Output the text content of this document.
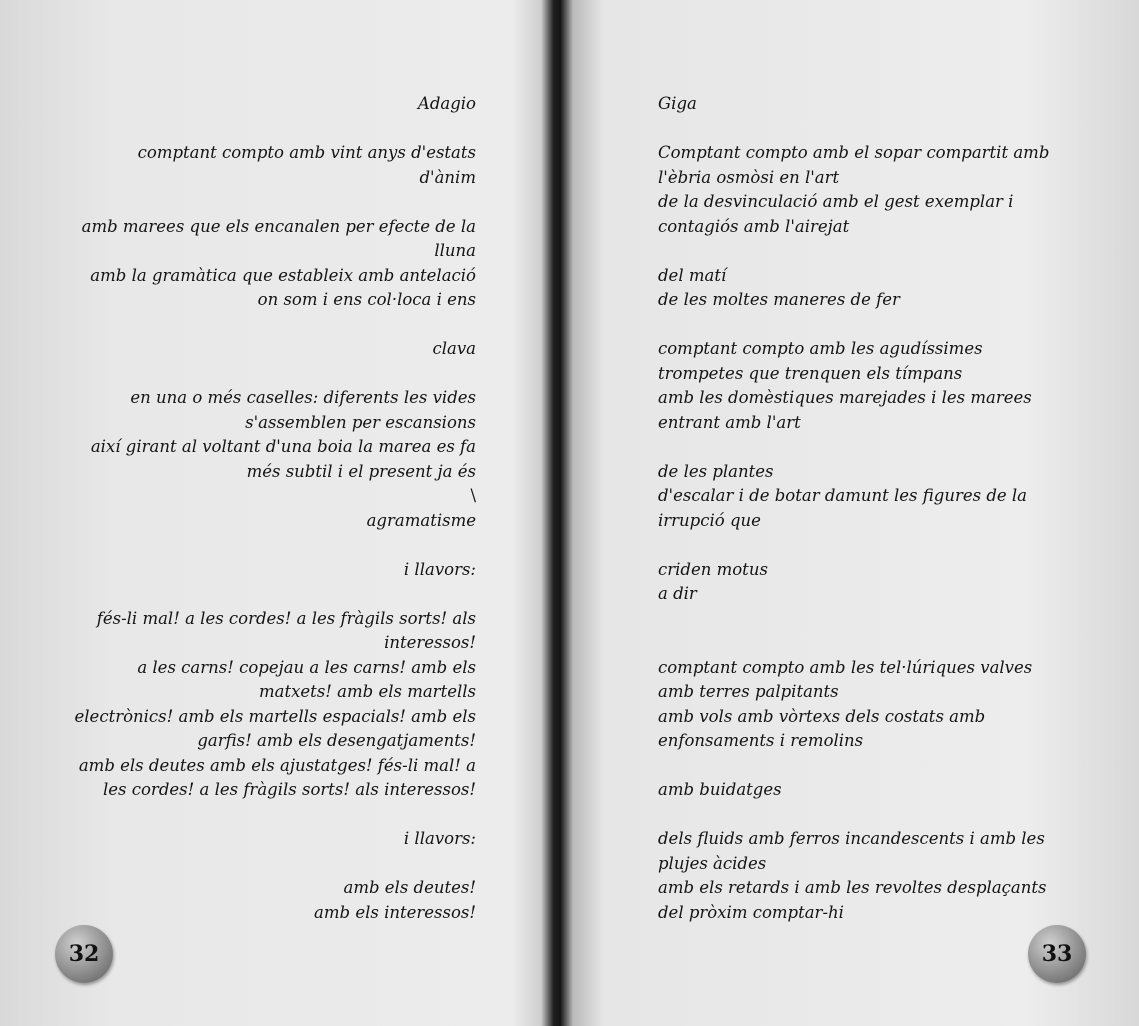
Adagio

comptant compto amb vint anys d'estats
d'ànim

amb marees que els encanalen per efecte de la
lluna
amb la gramàtica que estableix amb antelació
on som i ens col·loca i ens

clava

en una o més caselles: diferents les vides
s'assemblen per escansions
així girant al voltant d'una boia la marea es fa
més subtil i el present ja és
\
agramatisme

i llavors:

fés-li mal! a les cordes! a les fràgils sorts! als
interessos!
a les carns! copejau a les carns! amb els
matxets! amb els martells
electrònics! amb els martells espacials! amb els
garfis! amb els desengatjaments!
amb els deutes amb els ajustatges! fés-li mal! a
les cordes! a les fràgils sorts! als interessos!

i llavors:

amb els deutes!
amb els interessos!
32
Giga

Comptant compto amb el sopar compartit amb
l'èbria osmòsi en l'art
de la desvinculació amb el gest exemplar i
contagiós amb l'airejat

del matí
de les moltes maneres de fer

comptant compto amb les agudíssimes
trompetes que trenquen els tímpans
amb les domèstiques marejades i les marees
entrant amb l'art

de les plantes
d'escalar i de botar damunt les figures de la
irrupció que

criden motus
a dir

comptant compto amb les tel·lúriques valves
amb terres palpitants
amb vols amb vòrtexs dels costats amb
enfonsaments i remolins

amb buidatges

dels fluids amb ferros incandescents i amb les
plujes àcides
amb els retards i amb les revoltes desplaçants
del pròxim comptar-hi
33
